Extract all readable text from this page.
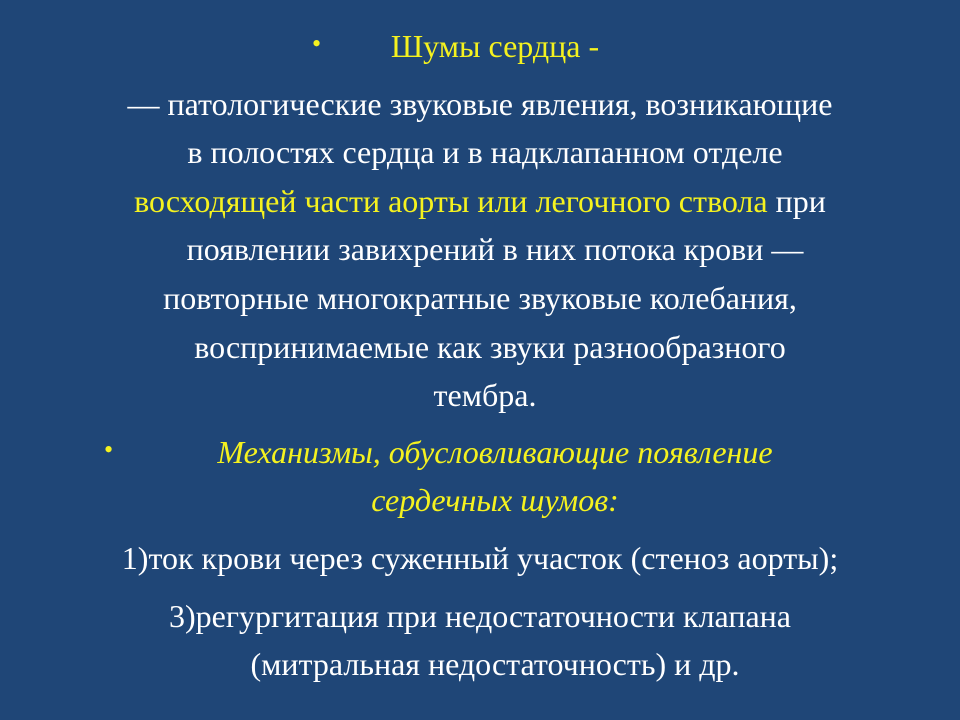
•	Шумы сердца -
— патологические звуковые явления, возникающие
в полостях сердца и в надклапанном отделе
восходящей части аорты или легочного ствола при
появлении завихрений в них потока крови —
повторные многократные звуковые колебания,
воспринимаемые как звуки разнообразного
тембра.
•	Механизмы, обусловливающие появление
сердечных шумов:
1)ток крови через суженный участок (стеноз аорты);
3)регургитация при недостаточности клапана
(митральная недостаточность) и др.
